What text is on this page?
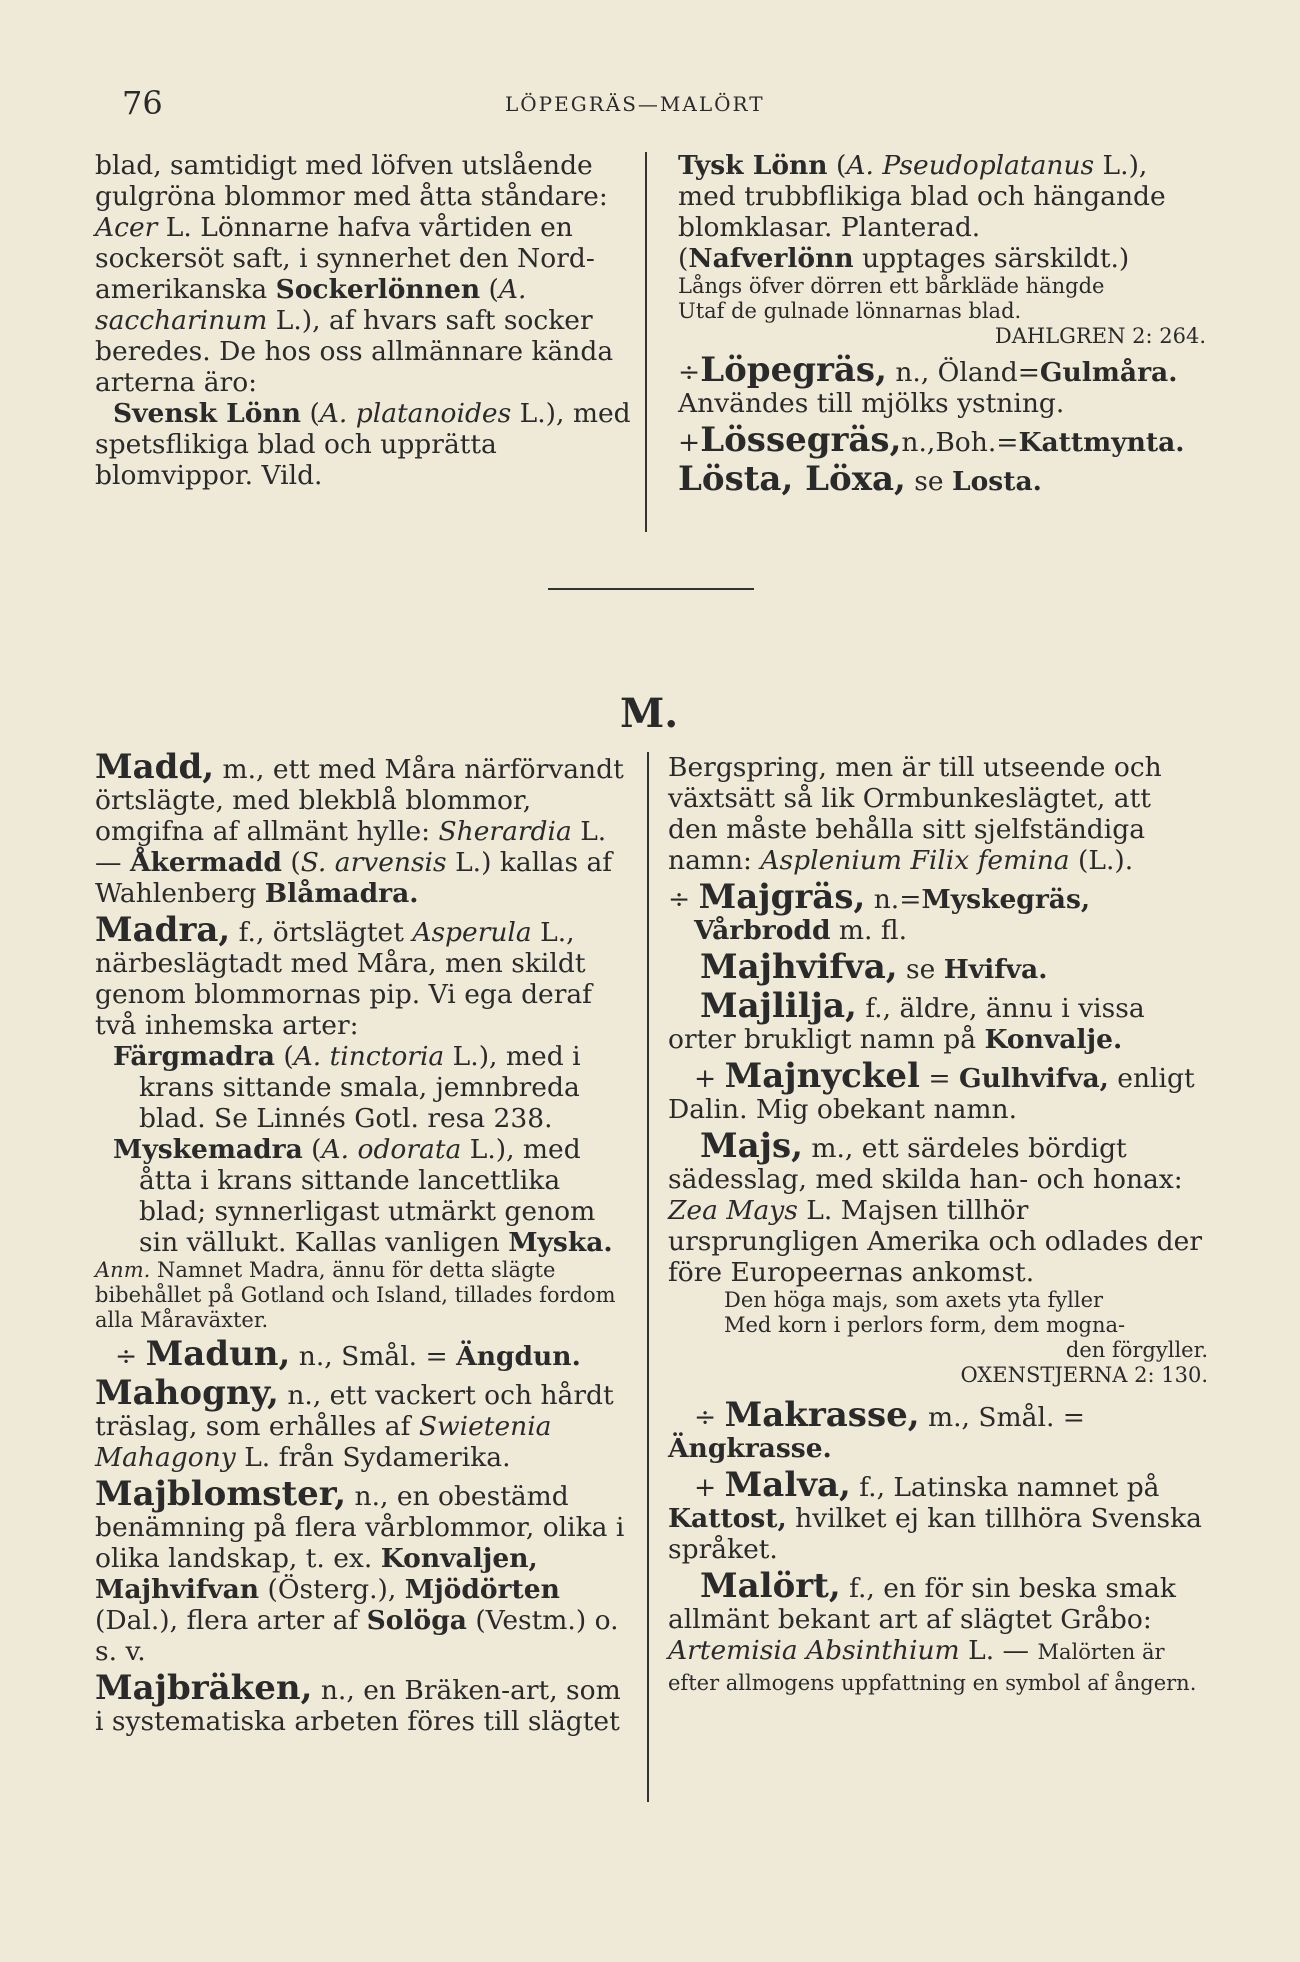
76	LÖPEGRÄS—MALÖRT

blad, samtidigt med löfven utslående gulgröna blommor med åtta ståndare: Acer L. Lönnarne hafva vårtiden en sockersöt saft, i synnerhet den Nord-amerikanska Sockerlönnen (A. saccharinum L.), af hvars saft socker beredes. De hos oss allmännare kända arterna äro:

Svensk Lönn (A. platanoides L.), med spetsflikiga blad och upprätta blomvippor. Vild.

Tysk Lönn (A. Pseudoplatanus L.), med trubbflikiga blad och hängande blomklasar. Planterad.

(Nafverlönn upptages särskildt.)

Långs öfver dörren ett bårkläde hängde

Utaf de gulnade lönnarnas blad.

DAHLGREN 2: 264.

÷Löpegräs, n., Öland=Gulmåra.
Användes till mjölks ystning.

+Lössegräs,n.,Boh.=Kattmynta.

Lösta, Löxa, se Losta.

M.

Madd, m., ett med Måra närförvandt örtslägte, med blekblå blommor, omgifna af allmänt hylle: Sherardia L. — Åkermadd (S. arvensis L.) kallas af Wahlenberg Blåmadra.

Madra, f., örtslägtet Asperula L., närbeslägtadt med Måra, men skildt genom blommornas pip. Vi ega deraf två inhemska arter:

Färgmadra (A. tinctoria L.), med i krans sittande smala, jemnbreda blad. Se Linnés Gotl. resa 238.

Myskemadra (A. odorata L.), med åtta i krans sittande lancettlika blad; synnerligast utmärkt genom sin vällukt. Kallas vanligen Myska.

Anm. Namnet Madra, ännu för detta slägte bibehållet på Gotland och Island, tillades fordom alla Måraväxter.

÷ Madun, n., Smål. = Ängdun.

Mahogny, n., ett vackert och hårdt träslag, som erhålles af Swietenia Mahagony L. från Sydamerika.

Majblomster, n., en obestämd benämning på flera vårblommor, olika i olika landskap, t. ex. Konvaljen, Majhvifvan (Österg.), Mjödörten (Dal.), flera arter af Solöga (Vestm.) o. s. v.

Majbräken, n., en Bräken-art, som i systematiska arbeten föres till slägtet

Bergspring, men är till utseende och växtsätt så lik Ormbunkeslägtet, att den måste behålla sitt sjelfständiga namn: Asplenium Filix femina (L.).

÷ Majgräs, n.=Myskegräs, Vårbrodd m. fl.

Majhvifva, se Hvifva.

Majlilja, f., äldre, ännu i vissa orter brukligt namn på Konvalje.

+ Majnyckel = Gulhvifva, enligt Dalin. Mig obekant namn.

Majs, m., ett särdeles bördigt sädesslag, med skilda han- och honax: Zea Mays L. Majsen tillhör ursprungligen Amerika och odlades der före Europeernas ankomst.

Den höga majs, som axets yta fyller

Med korn i perlors form, dem mogna-

den förgyller.

OXENSTJERNA 2: 130.

÷ Makrasse, m., Smål. = Ängkrasse.

+ Malva, f., Latinska namnet på Kattost, hvilket ej kan tillhöra Svenska språket.

Malört, f., en för sin beska smak allmänt bekant art af slägtet Gråbo: Artemisia Absinthium L. — Malörten är efter allmogens uppfattning en symbol af ångern.
